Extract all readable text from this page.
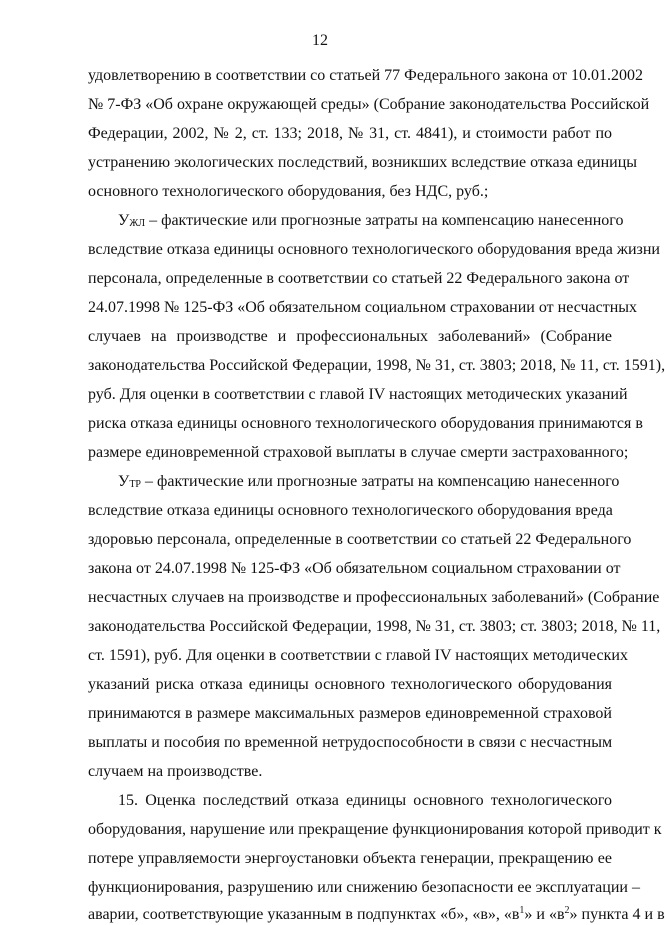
12
удовлетворению в соответствии со статьей 77 Федерального закона от 10.01.2002
№ 7-ФЗ «Об охране окружающей среды» (Собрание законодательства Российской
Федерации, 2002, № 2, ст. 133; 2018, № 31, ст. 4841), и стоимости работ по
устранению экологических последствий, возникших вследствие отказа единицы
основного технологического оборудования, без НДС, руб.;
$У_{ЖЛ}$ – фактические или прогнозные затраты на компенсацию нанесенного
вследствие отказа единицы основного технологического оборудования вреда жизни
персонала, определенные в соответствии со статьей 22 Федерального закона от
24.07.1998 № 125-ФЗ «Об обязательном социальном страховании от несчастных
случаев на производстве и профессиональных заболеваний» (Собрание
законодательства Российской Федерации, 1998, № 31, ст. 3803; 2018, № 11, ст. 1591),
руб. Для оценки в соответствии с главой IV настоящих методических указаний
риска отказа единицы основного технологического оборудования принимаются в
размере единовременной страховой выплаты в случае смерти застрахованного;
$У_{ТР}$ – фактические или прогнозные затраты на компенсацию нанесенного
вследствие отказа единицы основного технологического оборудования вреда
здоровью персонала, определенные в соответствии со статьей 22 Федерального
закона от 24.07.1998 № 125-ФЗ «Об обязательном социальном страховании от
несчастных случаев на производстве и профессиональных заболеваний» (Собрание
законодательства Российской Федерации, 1998, № 31, ст. 3803; ст. 3803; 2018, № 11,
ст. 1591), руб. Для оценки в соответствии с главой IV настоящих методических
указаний риска отказа единицы основного технологического оборудования
принимаются в размере максимальных размеров единовременной страховой
выплаты и пособия по временной нетрудоспособности в связи с несчастным
случаем на производстве.
15. Оценка последствий отказа единицы основного технологического
оборудования, нарушение или прекращение функционирования которой приводит к
потере управляемости энергоустановки объекта генерации, прекращению ее
функционирования, разрушению или снижению безопасности ее эксплуатации –
аварии, соответствующие указанным в подпунктах «б», «в», «$в^1$» и «$в^2$» пункта 4 и в
